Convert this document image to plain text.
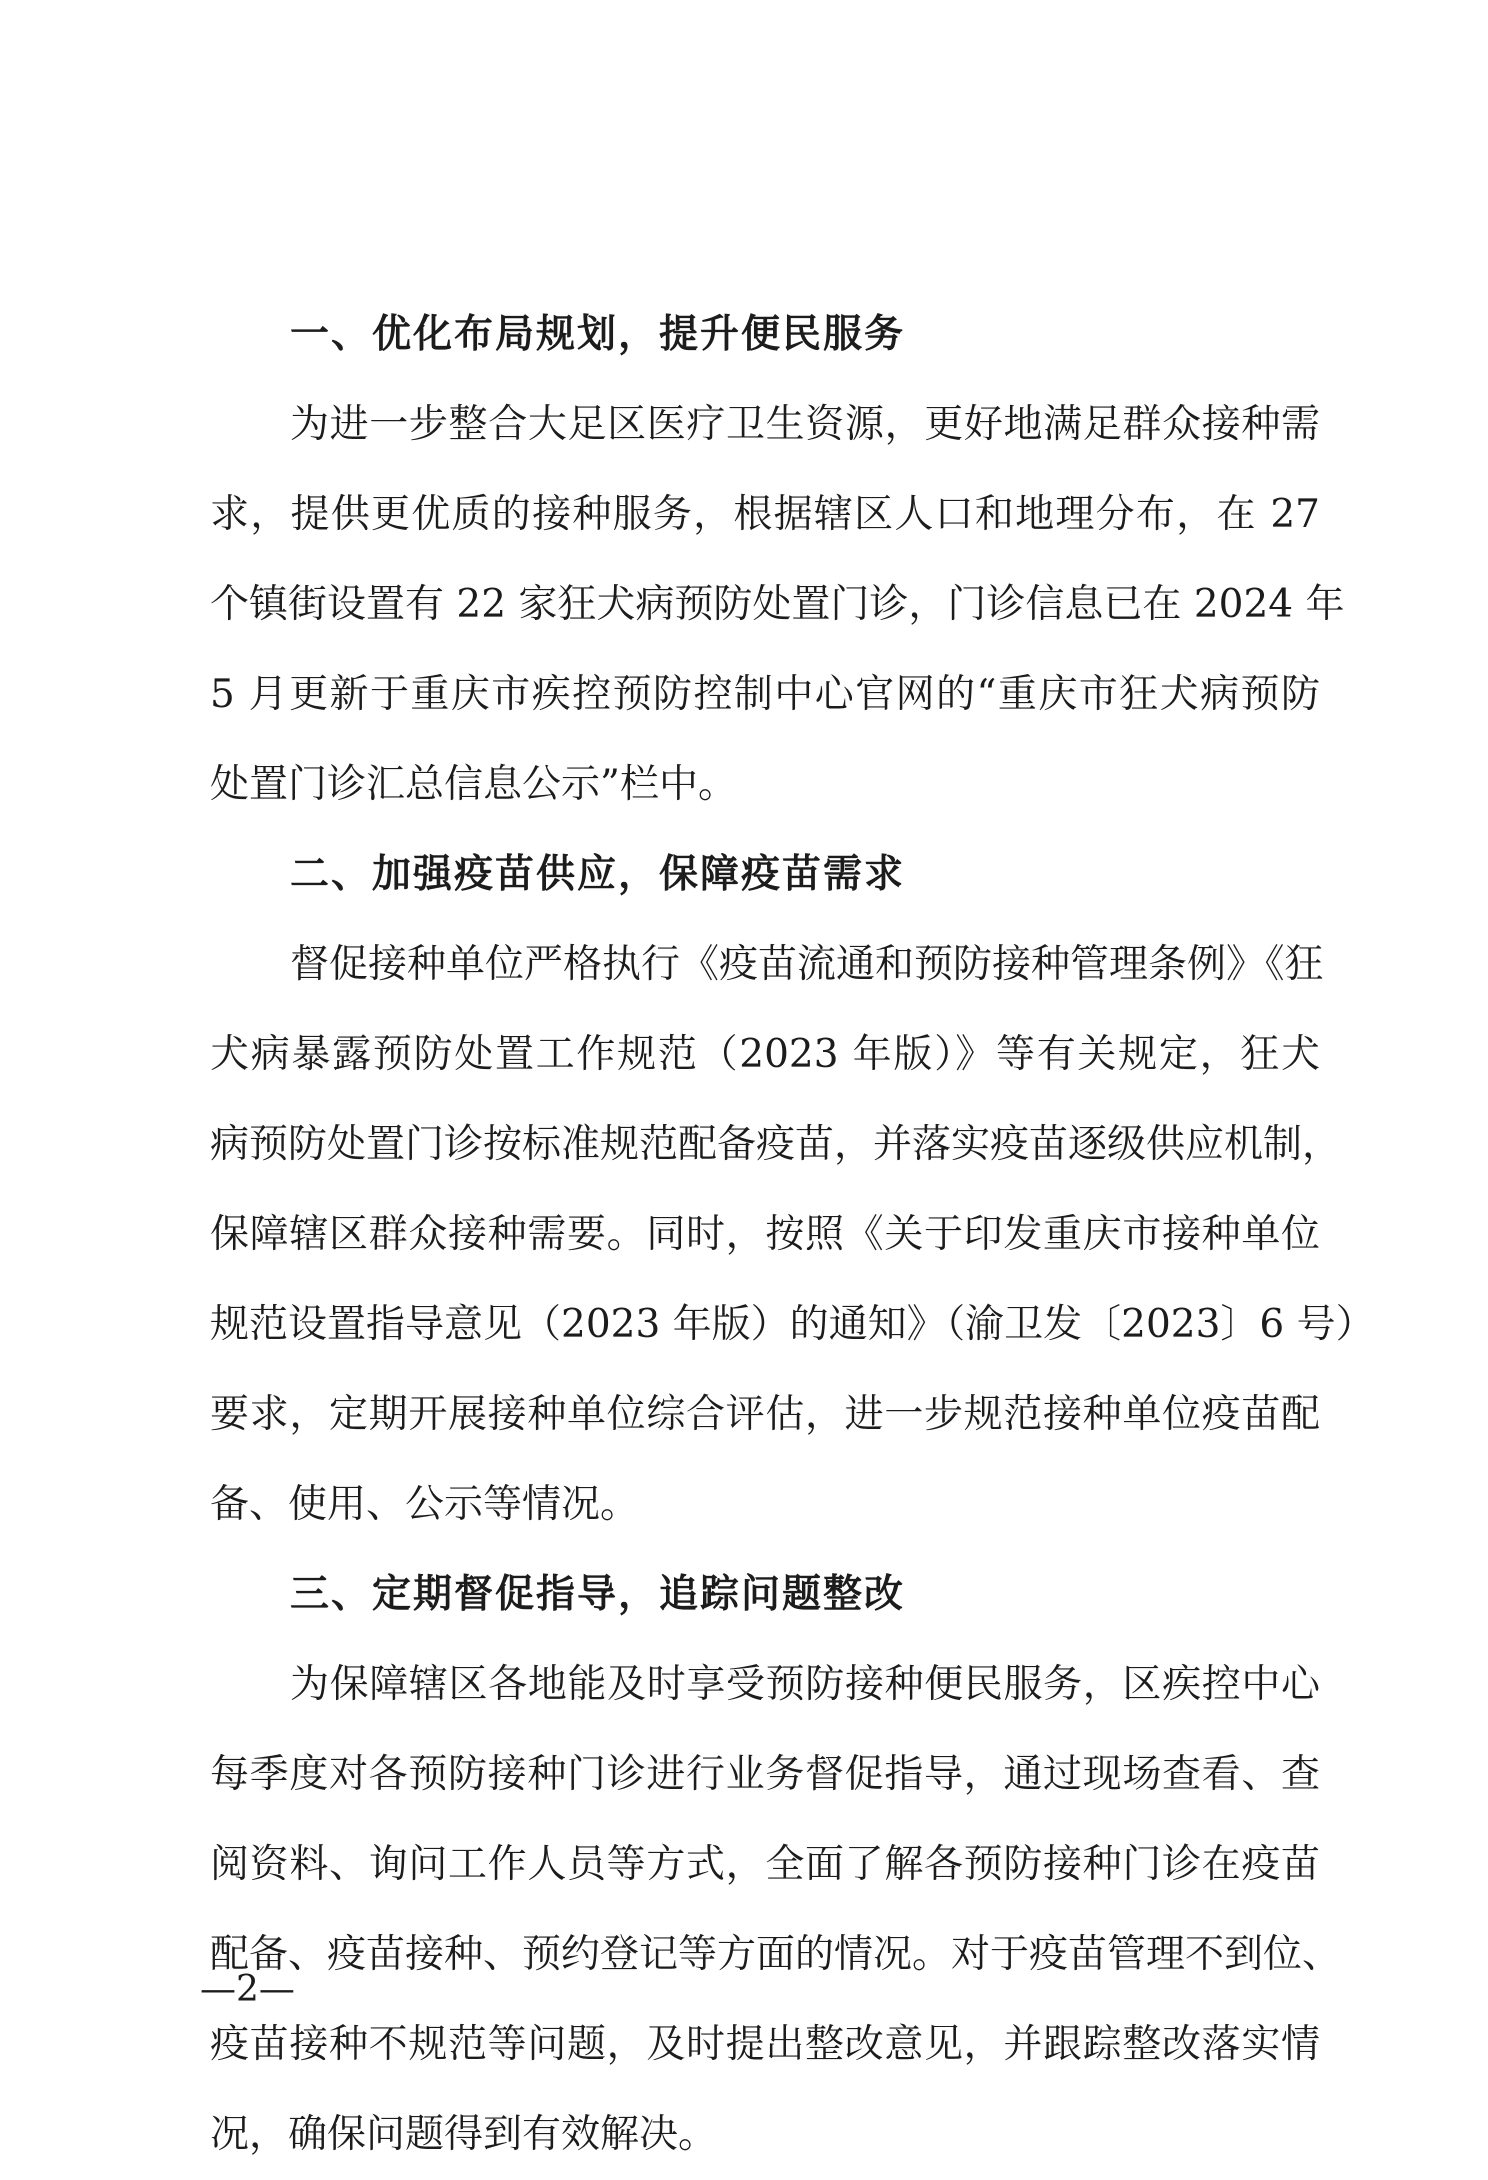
一、优化布局规划，提升便民服务

为进一步整合大足区医疗卫生资源，更好地满足群众接种需

求，提供更优质的接种服务，根据辖区人口和地理分布，在 27

个镇街设置有 22 家狂犬病预防处置门诊，门诊信息已在 2024 年

5 月更新于重庆市疾控预防控制中心官网的“重庆市狂犬病预防

处置门诊汇总信息公示”栏中。

二、加强疫苗供应，保障疫苗需求

督促接种单位严格执行《疫苗流通和预防接种管理条例》《狂

犬病暴露预防处置工作规范（2023 年版）》等有关规定，狂犬

病预防处置门诊按标准规范配备疫苗，并落实疫苗逐级供应机制，

保障辖区群众接种需要。同时，按照《关于印发重庆市接种单位

规范设置指导意见（2023 年版）的通知》（渝卫发〔2023〕6 号）

要求，定期开展接种单位综合评估，进一步规范接种单位疫苗配

备、使用、公示等情况。

三、定期督促指导，追踪问题整改

为保障辖区各地能及时享受预防接种便民服务，区疾控中心

每季度对各预防接种门诊进行业务督促指导，通过现场查看、查

阅资料、询问工作人员等方式，全面了解各预防接种门诊在疫苗

配备、疫苗接种、预约登记等方面的情况。对于疫苗管理不到位、

疫苗接种不规范等问题，及时提出整改意见，并跟踪整改落实情

况，确保问题得到有效解决。

—2—
